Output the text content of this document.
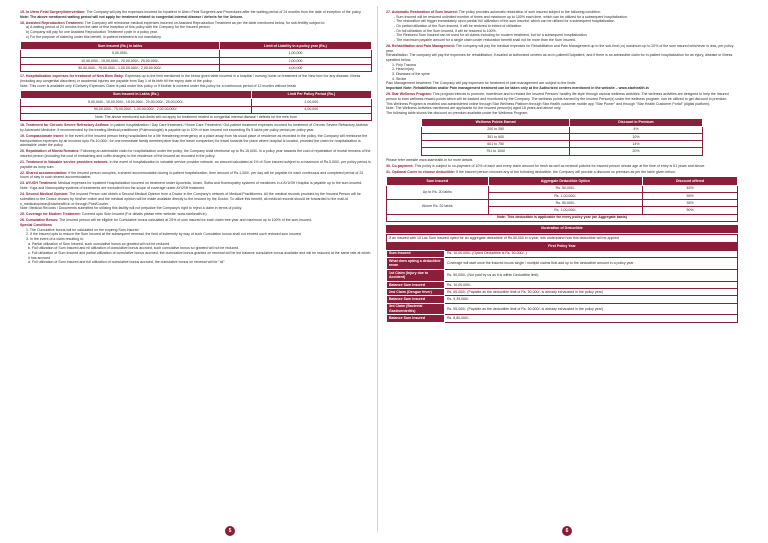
15. In Utero Fetal Surgery/Intervention: The Company will pay the expenses incurred for Inpatient In Utero Fetal Surgeries and Procedures after the waiting period of 24 months from the date of inception of the policy.
Note: The above mentioned waiting period will not apply for treatment related to congenital internal disease / defects for the Unborn.
16. Assisted Reproduction Treatment: The Company will reimburse medical expenses incurred on Assisted Reproduction Treatment as per the table mentioned below, for sub-fertility subject to:
a) A waiting period of 24 months from the date of first inception of this policy with the Company for the insured person.
b) Company will pay for one Assisted Reproduction Treatment cycle in a policy year.
c) For the purpose of claiming under this benefit, in-patient treatment is not mandatory.
Sum Insured (Rs.) in lakhs	Limit of Liability in a policy year (Rs.)
5,00,000/-	1,00,000
10,00,000/-, 15,00,000/-, 20,00,000/-, 25,00,000/-	2,00,000
50,00,000/-, 75,00,000/-, 1,00,00,000/-, 2,00,00,000/-	4,00,000
17. Hospitalisation expenses for treatment of New Born Baby: Expenses up to the limit mentioned in the below given table incurred in a hospital / nursing home on treatment of the New born for any disease, illness (including any congenital disorders) or accidental injuries are payable from Day 1 of its birth till the expiry date of the policy.
Note: This cover is available only if Delivery Expenses Claim is paid under this policy or if Mother is covered under this policy for a continuous period of 12 months without break
Sum Insured in Lakhs (Rs.)	Limit Per Policy Period (Rs.)
5,00,000/-, 10,00,000/-, 15,00,000/-, 20,00,000/-, 25,00,000/-	2,00,000
50,00,000/-, 75,00,000/-, 1,00,00,000/-, 2,00,00,000/-	4,00,000
Note: The above mentioned sub-limits will not apply for treatment related to congenital internal disease / defects for the new born	
18. Treatment for Chronic Severe Refractory Asthma: In-patient hospitalization / Day Care treatment / Home Care Treatment / Out-patient treatment expenses incurred for treatment of Chronic Severe Refractory Asthma by Advanced Medicine, if recommended by the treating Medical practitioner (Pulmonologist) is payable up to 10% of sum insured not exceeding Rs 5 lakhs per policy period per policy year.
19. Compassionate travel: In the event of the insured person being hospitalized for a life threatening emergency at a place away from his usual place of residence as recorded in the policy, the Company will reimburse the transportation expenses by air incurred upto Rs.10,000/- for one immediate family member(other than the travel companion) for travel towards the place where hospital is located, provided the claim for hospitalization is admissible under the policy.
20. Repatriation of Mortal Remains: Following an admissible claim for hospitalization under the policy, the Company shall reimburse up to Rs.15,000/- in a policy year towards the cost of repatriation of mortal remains of the insured person (including the cost of embalming and coffin charges) to the residence of the insured as recorded in the policy.
21. Treatment in Valuable service providers network: In the event of hospitalization in valuable service provider network, an amount calculated at 1% of Sum insured subject to a maximum of Rs.5,000/- per policy period is payable as lump sum.
22. Shared accommodation: If the insured person occupies, a shared accommodation during in-patient hospitalization, then amount of Rs.1,000/- per day will be payable for each continuous and completed period of 24 hours of stay in such shared accommodation.
23. AYUSH Treatment: Medical expenses for Inpatient Hospitalization incurred on treatment under Ayurveda, Unani, Sidha and Homeopathy systems of medicines in a AYUSH Hospital is payable up to the sum insured.
Note: Yoga and Naturopathy systems of treatments are excluded from the scope of coverage under AYUSH treatment
24. Second Medical Opinion: The Insured Person can obtain a Second Medical Opinion from a Doctor in the Company's network of Medical Practitioners. All the medical records provided by the Insured Person will be submitted to the Doctor chosen by him/her online and the medical opinion will be made available directly to the Insured by the Doctor. To utilize this benefit, all medical records should be forwarded to the mail-id s_medicalopinion@starhealth.in or through Post/Courier.
Note: Medical Records / Documents submitted for utilizing this facility will not prejudice the Company's right to reject a claim in terms of policy.
25. Coverage for Modern Treatment: Covered upto Sum Insured (For details please refer website: www.starhealth.in)
26. Cumulative Bonus: The Insured person will be eligible for Cumulative bonus calculated at 25% of sum insured for each claim free year and maximum up to 100% of the sum insured.
Special Conditions
1. The Cumulative bonus will be calculated on the expiring Sum Insured
2. If the insured opts to reduce the Sum Insured at the subsequent renewal, the limit of indemnity by way of such Cumulative bonus shall not exceed such reduced sum insured
3. In the event of a claim resulting in:
a. Partial utilization of Sum Insured, such cumulative bonus so granted will not be reduced.
b. Full utilization of Sum Insured and nil utilization of cumulative bonus accrued, such cumulative bonus so granted will not be reduced.
c. Full utilization of Sum Insured and partial utilization of cumulative bonus accrued, the cumulative bonus granted on renewal will be the balance cumulative bonus available and will be reduced at the same rate at which it has accrued
d. Full utilization of Sum Insured and full utilization of cumulative bonus accrued, the cumulative bonus on renewal will be "nil"
27. Automatic Restoration of Sum Insured: The policy provides automatic restoration of sum insured subject to the following condition:
- Sum Insured will be restored unlimited number of times and maximum up to 100% each time, which can be utilized for a subsequent hospitalization.
- The restoration will trigger immediately upon partial/ full utilization of the sum insured, which can be utilized for a subsequent hospitalization.
- On partial utilization of the Sum Insured, it will be restored to extent of utilization.
- On full utilization of the Sum Insured, it will be restored to 100%.
- The Restored Sum Insured can be used for all claims including for modern treatment, but for a subsequent hospitalization.
- The maximum payable amount for a single claim under restoration benefit shall not be more than the Sum Insured.
28. Rehabilitation and Pain Management: The company will pay the medical expenses for Rehabilitation and Pain Management up to the sub-limit (or) maximum up to 20% of the sum insured whichever is less, per policy year.
Rehabilitation: The company will pay the expenses for rehabilitation, if availed at authorized centres as an in-patient/Outpatient, and if there is an admissible claim for in-patient hospitalization for an injury, disease or illness specified below.
1. Poly Trauma
2. Head injury
3. Diseases of the spine
4. Stroke
Pain Management treatment: The Company will pay expenses for treatment of pain management are subject to the limits
Important Note: Rehabilitation and/or Pain management treatment can be taken only at the Authorized centres mentioned in the website – www.starhealth.in
29. Star Wellness Program: This program intends to promote, incentivize and to reward the Insured Persons' healthy life style through various wellness activities. The wellness activities are designed to help the Insured person to earn wellness reward points which will be tracked and monitored by the Company. The wellness points earned by the Insured Person(s) under the wellness program, can be utilized to get discount in premium.
This Wellness Program is enabled and administered online through Star Wellness Platform through Star Health customer mobile app "Star Power" and through "Star Health Customer Portal" (digital platform).
Note: The Wellness Activities mentioned are applicable for the Insured person(s) aged 18 years and above only.
The following table shows the discount on premium available under the Wellness Program.
Wellness Points Earned	Discount in Premium
200 to 350	4%
351 to 600	10%
601 to 750	14%
751 to 1000	20%
Please refer website www.starhealth.in for more details
30. Co-payment: This policy is subject to co-payment of 10% of each and every claim amount for fresh as well as renewal policies for insured person whose age at the time of entry is 61 years and above.
31. Optional Cover to choose deductible: If the insured person chooses any of the following deductible, the Company will provide a discount on premium as per the table given below;
Sum Insured	Aggregate Deductible Option	Discount offered
Up to Rs. 20 lakhs	Rs. 50,000/-	45%
	Rs. 1,00,000/-	55%
Above Rs. 20 lakhs	Rs. 50,000/-	35%
	Rs. 1,00,000/-	50%
Note: This deductible is applicable for every policy year (on Aggregate basis)		
Illustration of Deductible
If an Insured with 10 Lac Sum Insured opted for an aggregate deductible of Rs.50,000 in a year, lets understand how this deductible will be applied
First Policy Year
Sum Insured	Rs. 10,00,000/- (Opted Deductible is Rs. 50,000/- )
What does opting a deductible mean	Coverage will start once the insured incurs single / multiple claims that add up to the deductible amount in a policy year
1st Claim (Injury due to Accident)	Rs. 50,000/- (Not paid by us as it is within Deductible limit)
Balance Sum Insured	Rs. 10,00,000/-
2nd Claim (Dengue fever)	Rs. 65,000/- (Payable as the deductible limit of Rs. 50,000/- is already exhausted in the policy year)
Balance Sum Insured	Rs. 9,35,000/-
3rd Claim (Bacterial Gastroenteritis)	Rs. 55,000/- (Payable as the deductible limit of Rs. 50,000/- is already exhausted in the policy year)
Balance Sum Insured	Rs. 8,80,000/-
5	6
